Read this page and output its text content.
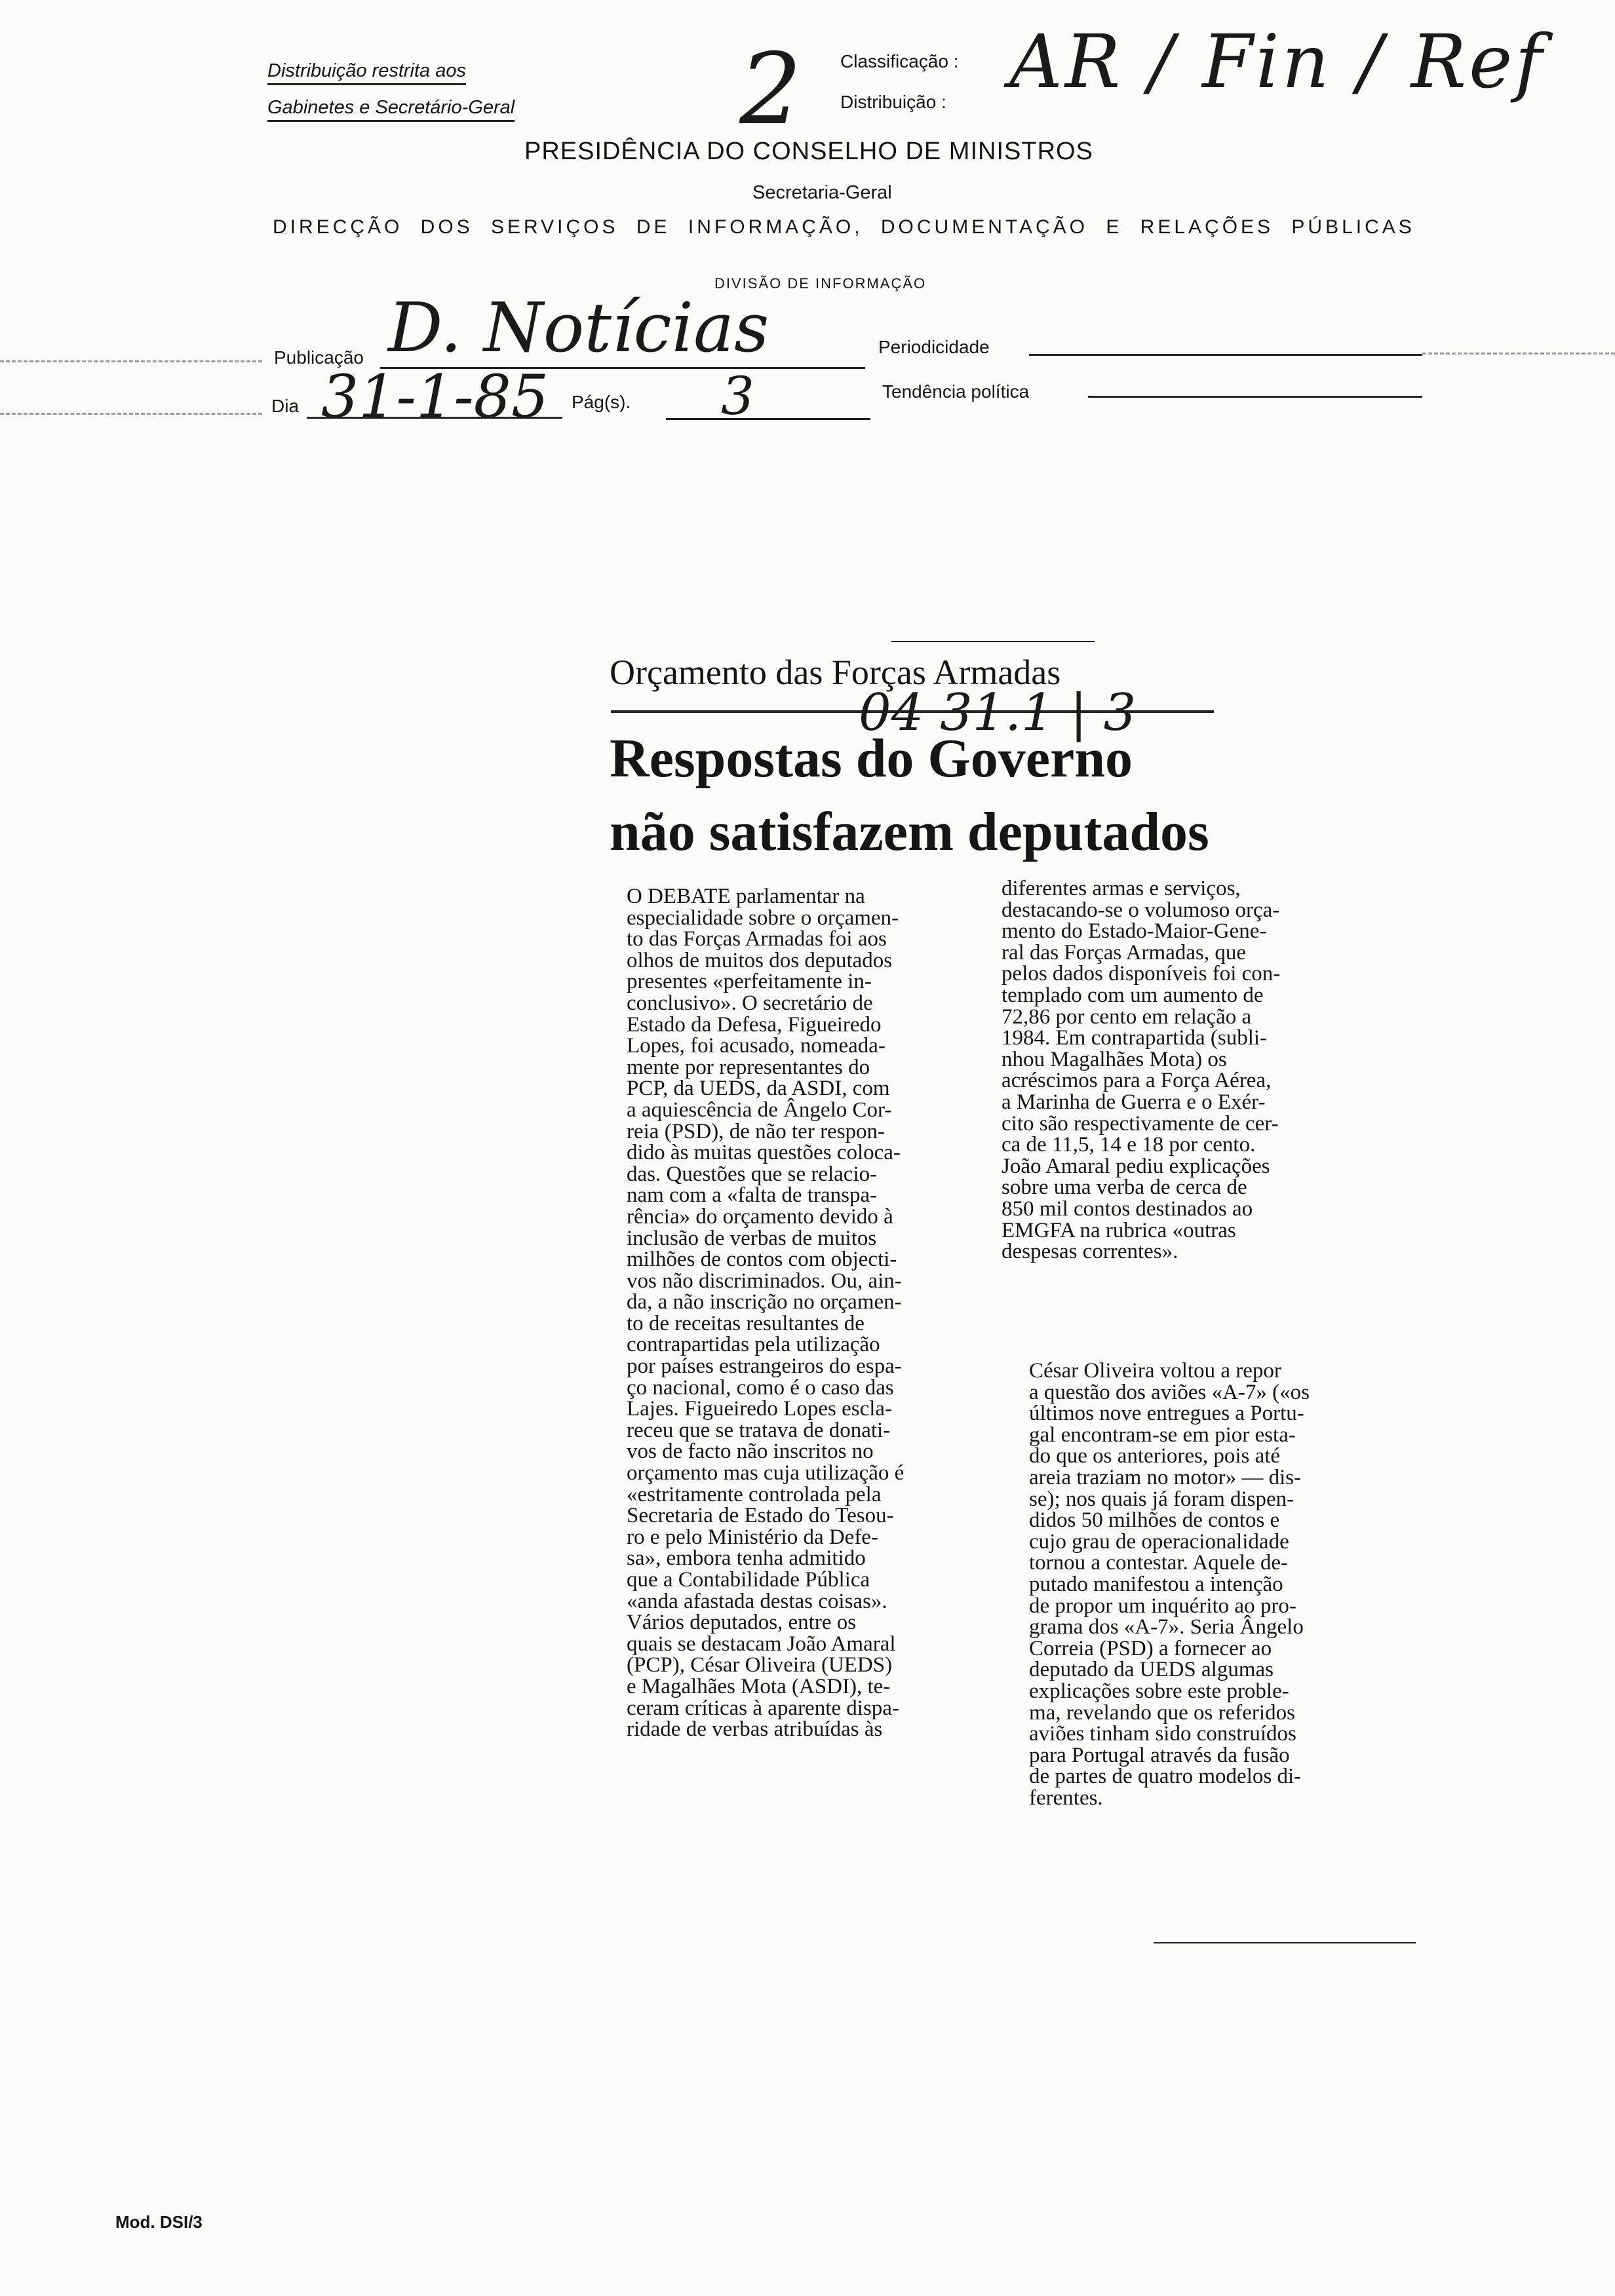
Distribuição restrita aos
Gabinetes e Secretário-Geral 2 Classificação :
Distribuição : AR / Fin / Ref
PRESIDÊNCIA DO CONSELHO DE MINISTROS
Secretaria-Geral
DIRECÇÃO DOS SERVIÇOS DE INFORMAÇÃO, DOCUMENTAÇÃO E RELAÇÕES PÚBLICAS
DIVISÃO DE INFORMAÇÃO
Publicação D. Notícias	Periodicidade
Dia 31-1-85 Pág(s). 3	Tendência política
Orçamento das Forças Armadas
04 31.1 | 3
Respostas do Governo
não satisfazem deputados
O DEBATE parlamentar na
especialidade sobre o orçamen-
to das Forças Armadas foi aos
olhos de muitos dos deputados
presentes «perfeitamente in-
conclusivo». O secretário de
Estado da Defesa, Figueiredo
Lopes, foi acusado, nomeada-
mente por representantes do
PCP, da UEDS, da ASDI, com
a aquiescência de Ângelo Cor-
reia (PSD), de não ter respon-
dido às muitas questões coloca-
das. Questões que se relacio-
nam com a «falta de transpa-
rência» do orçamento devido à
inclusão de verbas de muitos
milhões de contos com objecti-
vos não discriminados. Ou, ain-
da, a não inscrição no orçamen-
to de receitas resultantes de
contrapartidas pela utilização
por países estrangeiros do espa-
ço nacional, como é o caso das
Lajes. Figueiredo Lopes escla-
receu que se tratava de donati-
vos de facto não inscritos no
orçamento mas cuja utilização é
«estritamente controlada pela
Secretaria de Estado do Tesou-
ro e pelo Ministério da Defe-
sa», embora tenha admitido
que a Contabilidade Pública
«anda afastada destas coisas».
Vários deputados, entre os
quais se destacam João Amaral
(PCP), César Oliveira (UEDS)
e Magalhães Mota (ASDI), te-
ceram críticas à aparente dispa-
ridade de verbas atribuídas às
diferentes armas e serviços,
destacando-se o volumoso orça-
mento do Estado-Maior-Gene-
ral das Forças Armadas, que
pelos dados disponíveis foi con-
templado com um aumento de
72,86 por cento em relação a
1984. Em contrapartida (subli-
nhou Magalhães Mota) os
acréscimos para a Força Aérea,
a Marinha de Guerra e o Exér-
cito são respectivamente de cer-
ca de 11,5, 14 e 18 por cento.
João Amaral pediu explicações
sobre uma verba de cerca de
850 mil contos destinados ao
EMGFA na rubrica «outras
despesas correntes».
César Oliveira voltou a repor
a questão dos aviões «A-7» («os
últimos nove entregues a Portu-
gal encontram-se em pior esta-
do que os anteriores, pois até
areia traziam no motor» — dis-
se); nos quais já foram dispen-
didos 50 milhões de contos e
cujo grau de operacionalidade
tornou a contestar. Aquele de-
putado manifestou a intenção
de propor um inquérito ao pro-
grama dos «A-7». Seria Ângelo
Correia (PSD) a fornecer ao
deputado da UEDS algumas
explicações sobre este proble-
ma, revelando que os referidos
aviões tinham sido construídos
para Portugal através da fusão
de partes de quatro modelos di-
ferentes.
Mod. DSI/3
